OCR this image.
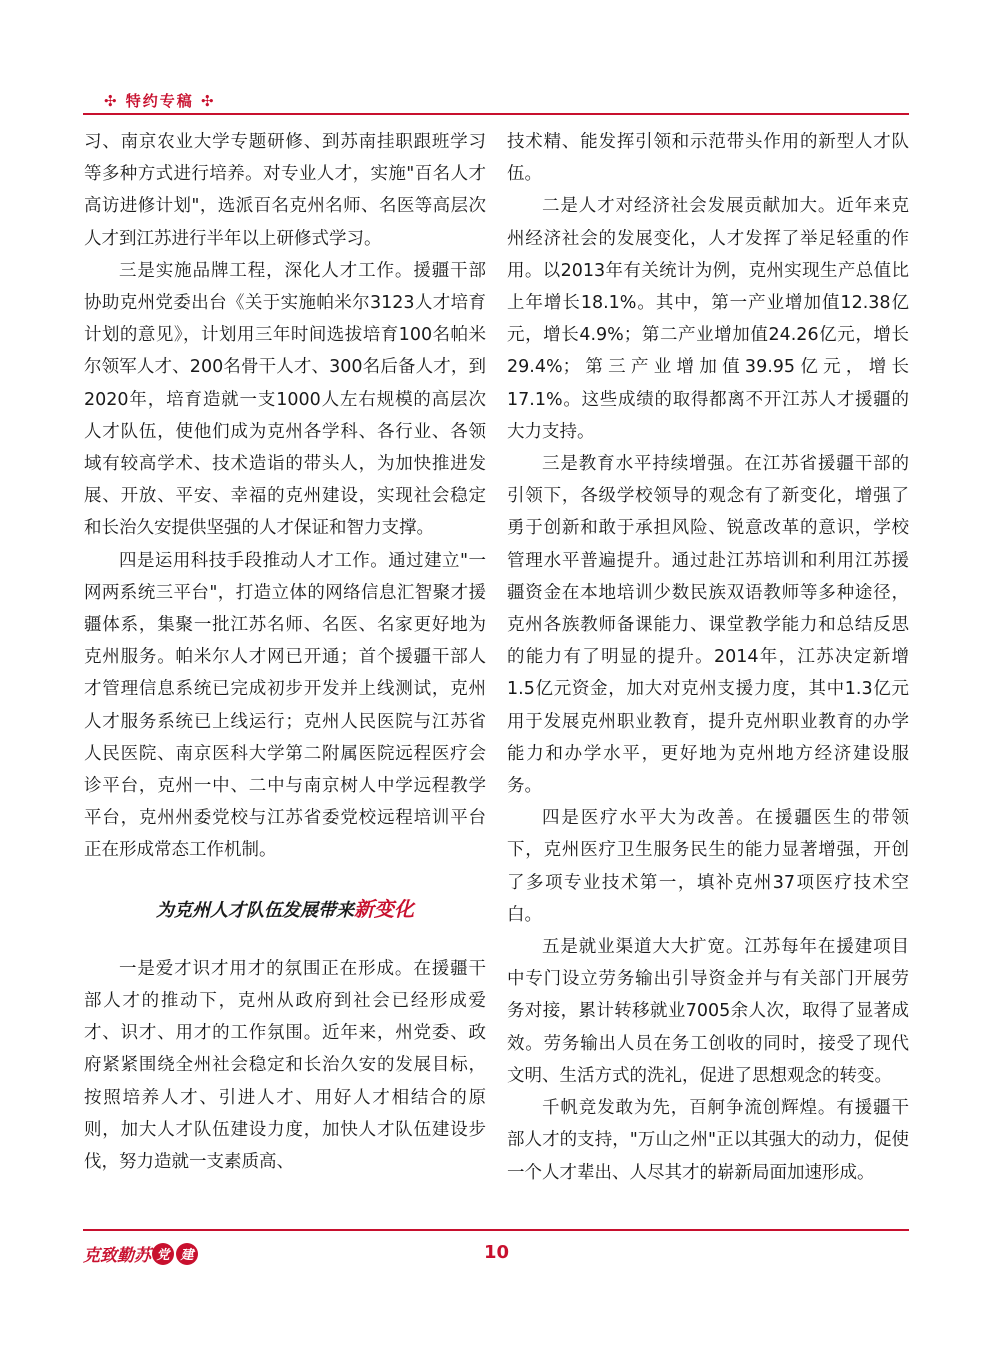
✣ 特约专稿 ✣

习、南京农业大学专题研修、到苏南挂职跟班学习等多种方式进行培养。对专业人才，实施"百名人才高访进修计划"，选派百名克州名师、名医等高层次人才到江苏进行半年以上研修式学习。

三是实施品牌工程，深化人才工作。援疆干部协助克州党委出台《关于实施帕米尔3123人才培育计划的意见》，计划用三年时间选拔培育100名帕米尔领军人才、200名骨干人才、300名后备人才，到2020年，培育造就一支1000人左右规模的高层次人才队伍，使他们成为克州各学科、各行业、各领域有较高学术、技术造诣的带头人，为加快推进发展、开放、平安、幸福的克州建设，实现社会稳定和长治久安提供坚强的人才保证和智力支撑。

四是运用科技手段推动人才工作。通过建立"一网两系统三平台"，打造立体的网络信息汇智聚才援疆体系，集聚一批江苏名师、名医、名家更好地为克州服务。帕米尔人才网已开通；首个援疆干部人才管理信息系统已完成初步开发并上线测试，克州人才服务系统已上线运行；克州人民医院与江苏省人民医院、南京医科大学第二附属医院远程医疗会诊平台，克州一中、二中与南京树人中学远程教学平台，克州州委党校与江苏省委党校远程培训平台正在形成常态工作机制。

为克州人才队伍发展带来新变化

一是爱才识才用才的氛围正在形成。在援疆干部人才的推动下，克州从政府到社会已经形成爱才、识才、用才的工作氛围。近年来，州党委、政府紧紧围绕全州社会稳定和长治久安的发展目标，按照培养人才、引进人才、用好人才相结合的原则，加大人才队伍建设力度，加快人才队伍建设步伐，努力造就一支素质高、

技术精、能发挥引领和示范带头作用的新型人才队伍。

二是人才对经济社会发展贡献加大。近年来克州经济社会的发展变化，人才发挥了举足轻重的作用。以2013年有关统计为例，克州实现生产总值比上年增长18.1%。其中，第一产业增加值12.38亿元，增长4.9%；第二产业增加值24.26亿元，增长29.4%；第三产业增加值39.95亿元，增长17.1%。这些成绩的取得都离不开江苏人才援疆的大力支持。

三是教育水平持续增强。在江苏省援疆干部的引领下，各级学校领导的观念有了新变化，增强了勇于创新和敢于承担风险、锐意改革的意识，学校管理水平普遍提升。通过赴江苏培训和利用江苏援疆资金在本地培训少数民族双语教师等多种途径，克州各族教师备课能力、课堂教学能力和总结反思的能力有了明显的提升。2014年，江苏决定新增1.5亿元资金，加大对克州支援力度，其中1.3亿元用于发展克州职业教育，提升克州职业教育的办学能力和办学水平，更好地为克州地方经济建设服务。

四是医疗水平大为改善。在援疆医生的带领下，克州医疗卫生服务民生的能力显著增强，开创了多项专业技术第一，填补克州37项医疗技术空白。

五是就业渠道大大扩宽。江苏每年在援建项目中专门设立劳务输出引导资金并与有关部门开展劳务对接，累计转移就业7005余人次，取得了显著成效。劳务输出人员在务工创收的同时，接受了现代文明、生活方式的洗礼，促进了思想观念的转变。

千帆竞发敢为先，百舸争流创辉煌。有援疆干部人才的支持，"万山之州"正以其强大的动力，促使一个人才辈出、人尽其才的崭新局面加速形成。

克致勤苏 党 建	10
